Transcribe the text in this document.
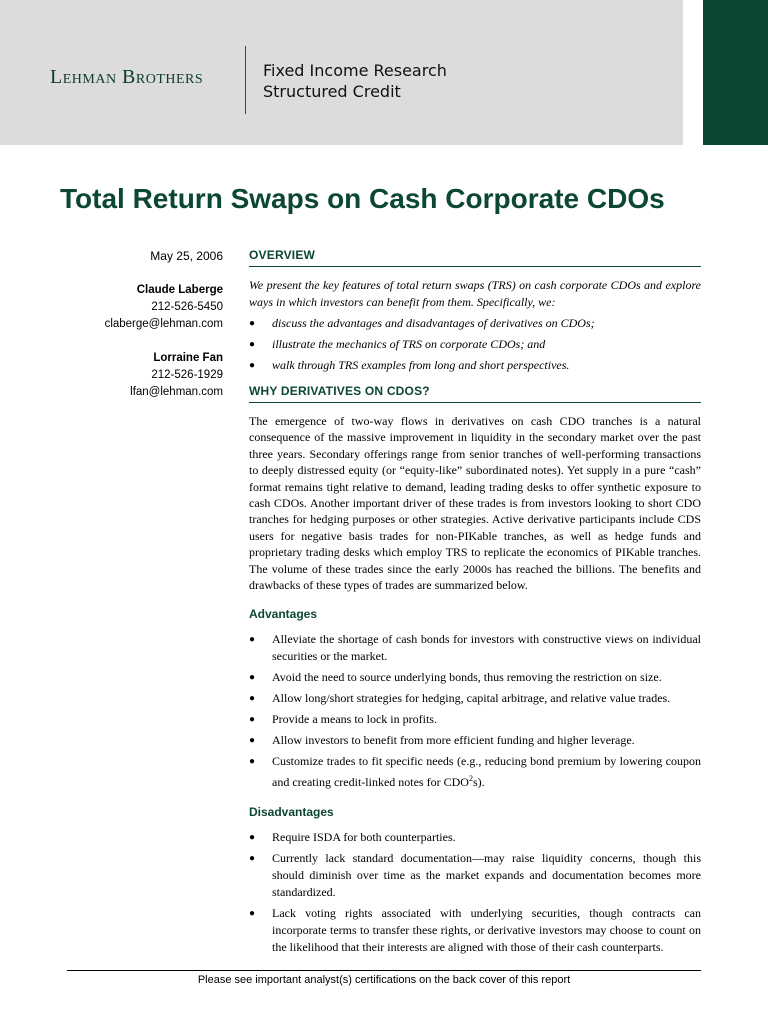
Lehman Brothers	Fixed Income Research
Structured Credit
Total Return Swaps on Cash Corporate CDOs
May 25, 2006
Claude Laberge
212-526-5450
claberge@lehman.com
Lorraine Fan
212-526-1929
lfan@lehman.com
OVERVIEW
We present the key features of total return swaps (TRS) on cash corporate CDOs and explore ways in which investors can benefit from them. Specifically, we:
● discuss the advantages and disadvantages of derivatives on CDOs;
● illustrate the mechanics of TRS on corporate CDOs; and
● walk through TRS examples from long and short perspectives.
WHY DERIVATIVES ON CDOS?
The emergence of two-way flows in derivatives on cash CDO tranches is a natural consequence of the massive improvement in liquidity in the secondary market over the past three years. Secondary offerings range from senior tranches of well-performing transactions to deeply distressed equity (or “equity-like” subordinated notes). Yet supply in a pure “cash” format remains tight relative to demand, leading trading desks to offer synthetic exposure to cash CDOs. Another important driver of these trades is from investors looking to short CDO tranches for hedging purposes or other strategies. Active derivative participants include CDS users for negative basis trades for non-PIKable tranches, as well as hedge funds and proprietary trading desks which employ TRS to replicate the economics of PIKable tranches. The volume of these trades since the early 2000s has reached the billions. The benefits and drawbacks of these types of trades are summarized below.
Advantages
● Alleviate the shortage of cash bonds for investors with constructive views on individual securities or the market.
● Avoid the need to source underlying bonds, thus removing the restriction on size.
● Allow long/short strategies for hedging, capital arbitrage, and relative value trades.
● Provide a means to lock in profits.
● Allow investors to benefit from more efficient funding and higher leverage.
● Customize trades to fit specific needs (e.g., reducing bond premium by lowering coupon and creating credit-linked notes for CDO$^2$s).
Disadvantages
● Require ISDA for both counterparties.
● Currently lack standard documentation—may raise liquidity concerns, though this should diminish over time as the market expands and documentation becomes more standardized.
● Lack voting rights associated with underlying securities, though contracts can incorporate terms to transfer these rights, or derivative investors may choose to count on the likelihood that their interests are aligned with those of their cash counterparts.
Please see important analyst(s) certifications on the back cover of this report
